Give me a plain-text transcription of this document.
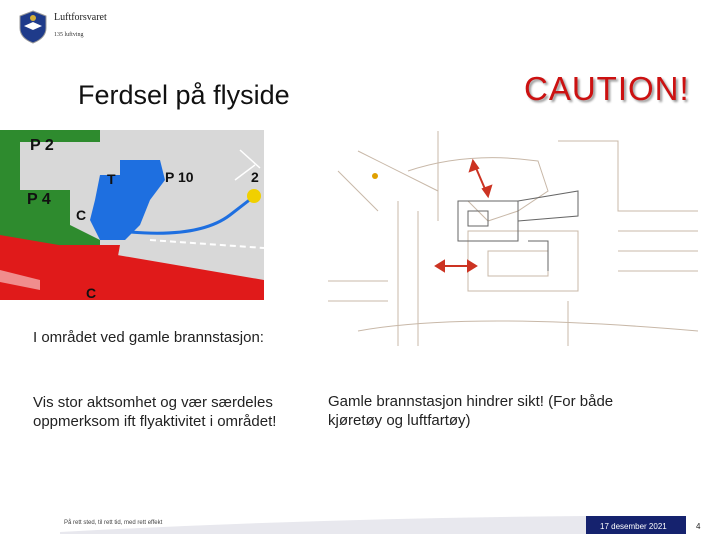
Luftforsvaret
135 luftving
Ferdsel på flyside	CAUTION!
P 2
P 4
T	P 10	2
C
C
I området ved gamle brannstasjon:
Vis stor aktsomhet og vær særdeles oppmerksom ift flyaktivitet i området!
Gamle brannstasjon hindrer sikt! (For både kjøretøy og luftfartøy)
På rett sted, til rett tid, med rett effekt	17 desember 2021	4
